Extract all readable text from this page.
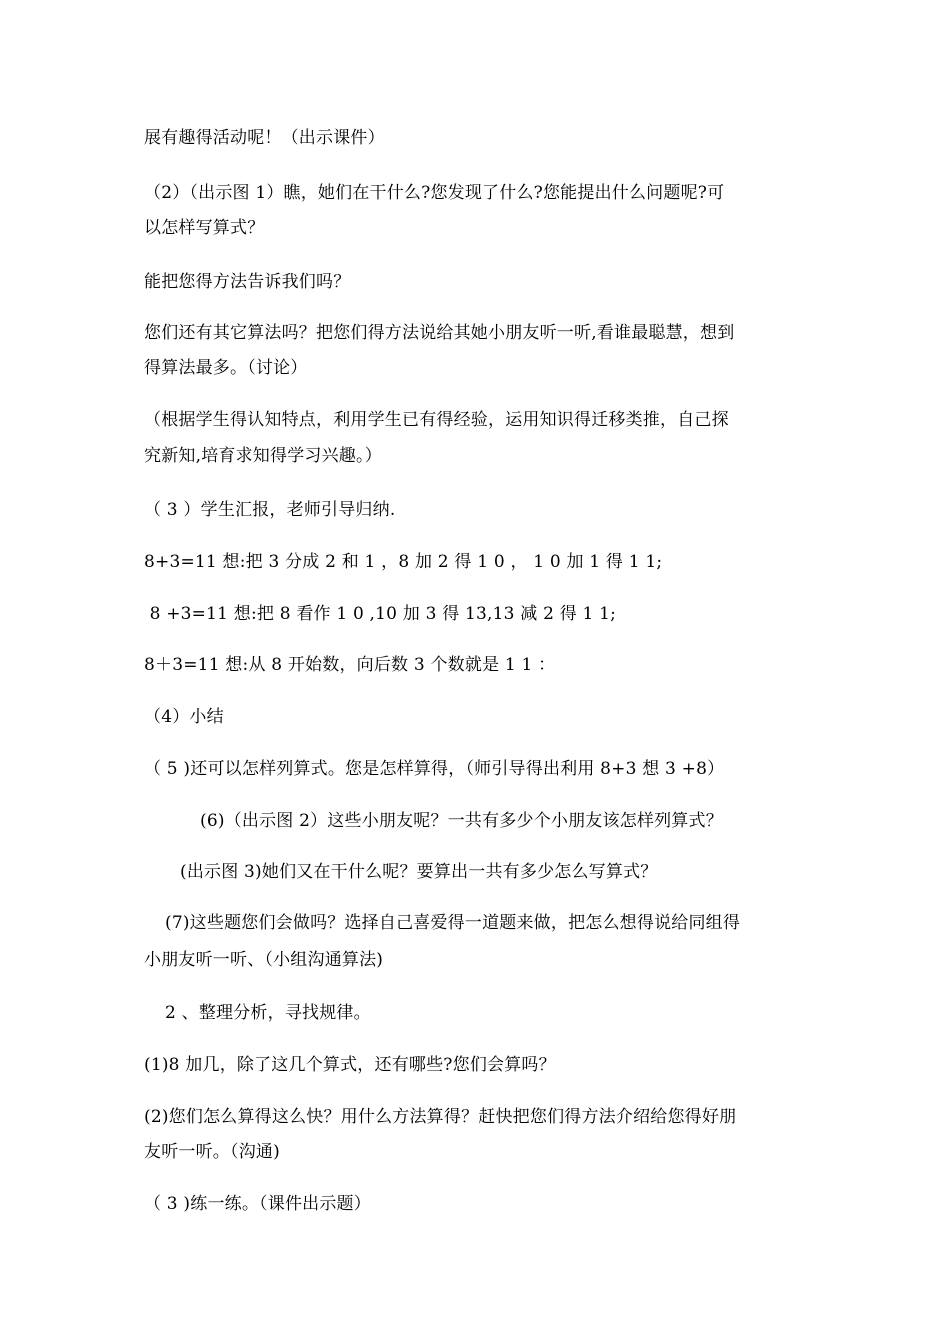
展有趣得活动呢！（出示课件）
（2）（出示图 1）瞧，她们在干什么?您发现了什么?您能提出什么问题呢?可
以怎样写算式？
能把您得方法告诉我们吗？
您们还有其它算法吗？把您们得方法说给其她小朋友听一听,看谁最聪慧，想到
得算法最多。（讨论）
（根据学生得认知特点，利用学生已有得经验，运用知识得迁移类推，自己探
究新知,培育求知得学习兴趣。）
（ 3 ）学生汇报，老师引导归纳.
8+3=11 想:把 3 分成 2 和 1 ，8 加 2 得 1 0 ， 1 0 加 1 得 1 1;
8 +3=11 想:把 8 看作 1 0 ,10 加 3 得 13,13 减 2 得 1 1;
8＋3=11 想:从 8 开始数，向后数 3 个数就是 1 1 ：
（4）小结
（ 5 )还可以怎样列算式。您是怎样算得，（师引导得出利用 8+3 想 3 +8）
(6)（出示图 2）这些小朋友呢？一共有多少个小朋友该怎样列算式？
(出示图 3)她们又在干什么呢？要算出一共有多少怎么写算式？
(7)这些题您们会做吗？选择自己喜爱得一道题来做，把怎么想得说给同组得
小朋友听一听、（小组沟通算法)
2 、整理分析，寻找规律。
(1)8 加几，除了这几个算式，还有哪些?您们会算吗？
(2)您们怎么算得这么快？用什么方法算得？赶快把您们得方法介绍给您得好朋
友听一听。（沟通)
（ 3 )练一练。（课件出示题）
